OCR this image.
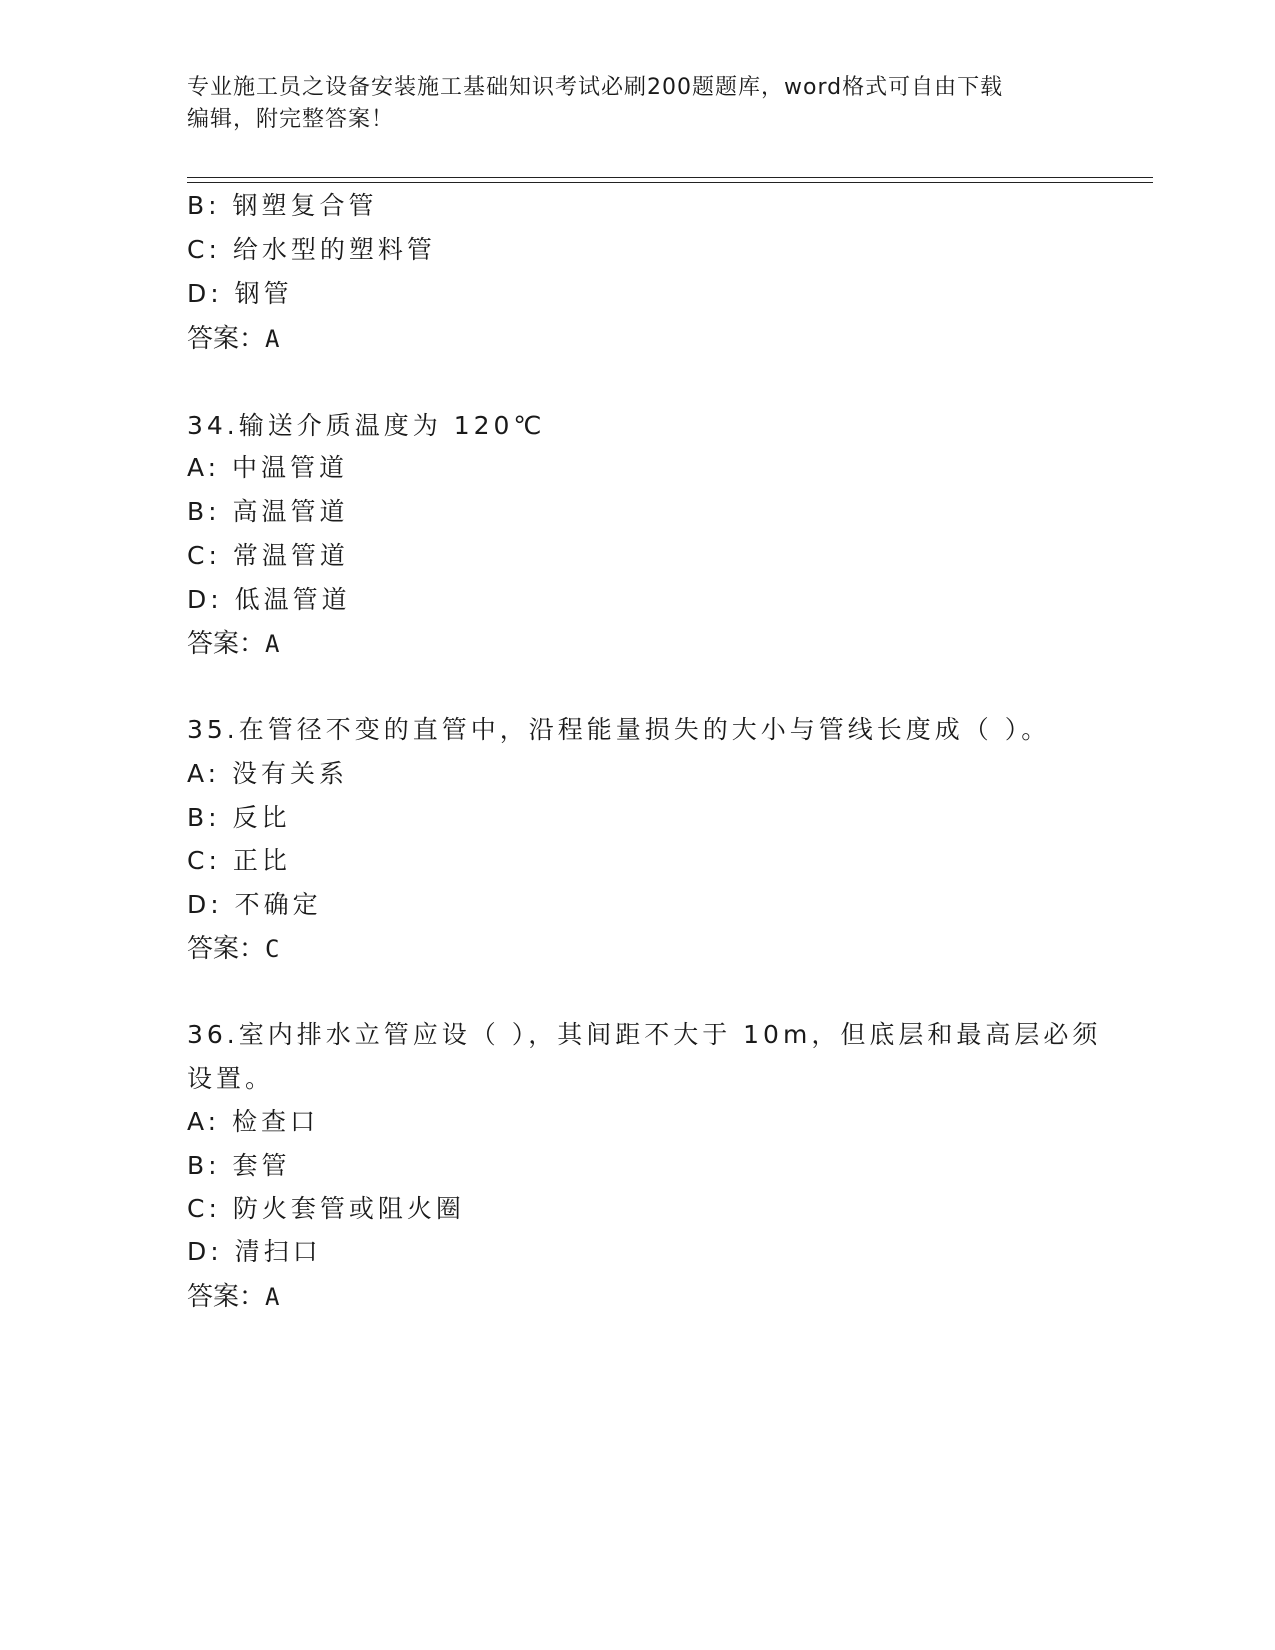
专业施工员之设备安装施工基础知识考试必刷200题题库，word格式可自由下载
编辑，附完整答案！
B: 钢塑复合管
C: 给水型的塑料管
D: 钢管
答案：A
34.输送介质温度为 120℃
A: 中温管道
B: 高温管道
C: 常温管道
D: 低温管道
答案：A
35.在管径不变的直管中，沿程能量损失的大小与管线长度成（ ）。
A: 没有关系
B: 反比
C: 正比
D: 不确定
答案：C
36.室内排水立管应设（ ），其间距不大于 10m，但底层和最高层必须
设置。
A: 检查口
B: 套管
C: 防火套管或阻火圈
D: 清扫口
答案：A
